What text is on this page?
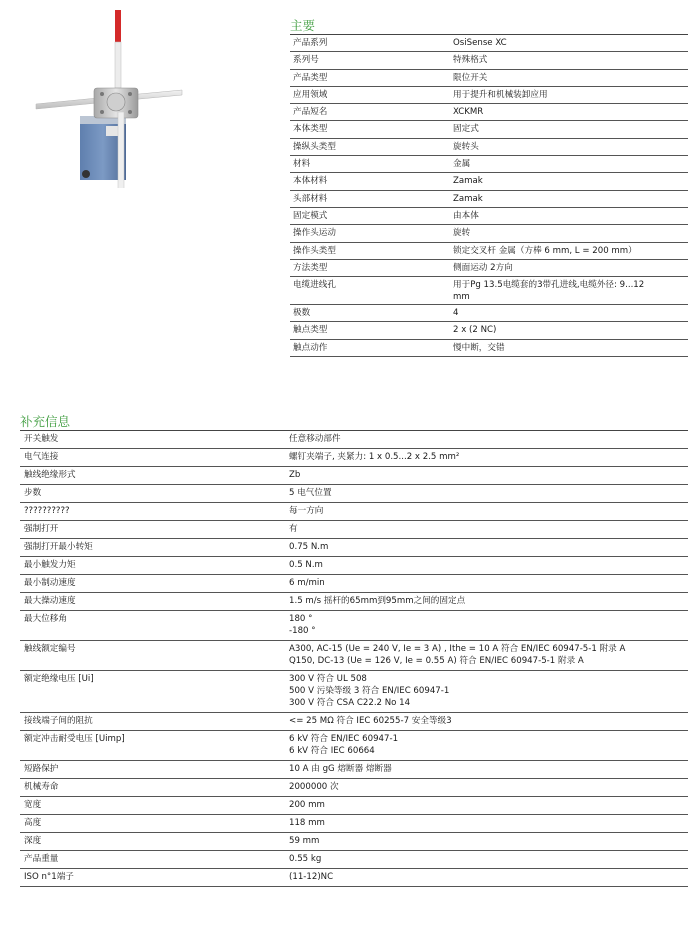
主要
产品系列	OsiSense XC
系列号	特殊格式
产品类型	限位开关
应用领域	用于提升和机械装卸应用
产品短名	XCKMR
本体类型	固定式
操纵头类型	旋转头
材料	金属
本体材料	Zamak
头部材料	Zamak
固定模式	由本体
操作头运动	旋转
操作头类型	锁定交叉杆 金属（方棒 6 mm, L = 200 mm）
方法类型	侧面运动 2方向
电缆进线孔	用于Pg 13.5电缆套的3带孔进线,电缆外径: 9...12
mm
极数	4
触点类型	2 x (2 NC)
触点动作	慢中断，交错
补充信息
开关触发	任意移动部件
电气连接	螺钉夹端子, 夹紧力: 1 x 0.5...2 x 2.5 mm²
触线绝缘形式	Zb
步数	5 电气位置
??????????	每一方向
强制打开	有
强制打开最小转矩	0.75 N.m
最小触发力矩	0.5 N.m
最小制动速度	6 m/min
最大操动速度	1.5 m/s 摇杆的65mm到95mm之间的固定点
最大位移角	180 °
-180 °
触线额定编号	A300, AC-15 (Ue = 240 V, Ie = 3 A) , Ithe = 10 A 符合 EN/IEC 60947-5-1 附录 A
Q150, DC-13 (Ue = 126 V, Ie = 0.55 A) 符合 EN/IEC 60947-5-1 附录 A
额定绝缘电压 [Ui]	300 V 符合 UL 508
500 V 污染等级 3 符合 EN/IEC 60947-1
300 V 符合 CSA C22.2 No 14
接线端子间的阻抗	<= 25 MΩ 符合 IEC 60255-7 安全等级3
额定冲击耐受电压 [Uimp]	6 kV 符合 EN/IEC 60947-1
6 kV 符合 IEC 60664
短路保护	10 A 由 gG 熔断器 熔断器
机械寿命	2000000 次
宽度	200 mm
高度	118 mm
深度	59 mm
产品重量	0.55 kg
ISO n°1端子	(11-12)NC
